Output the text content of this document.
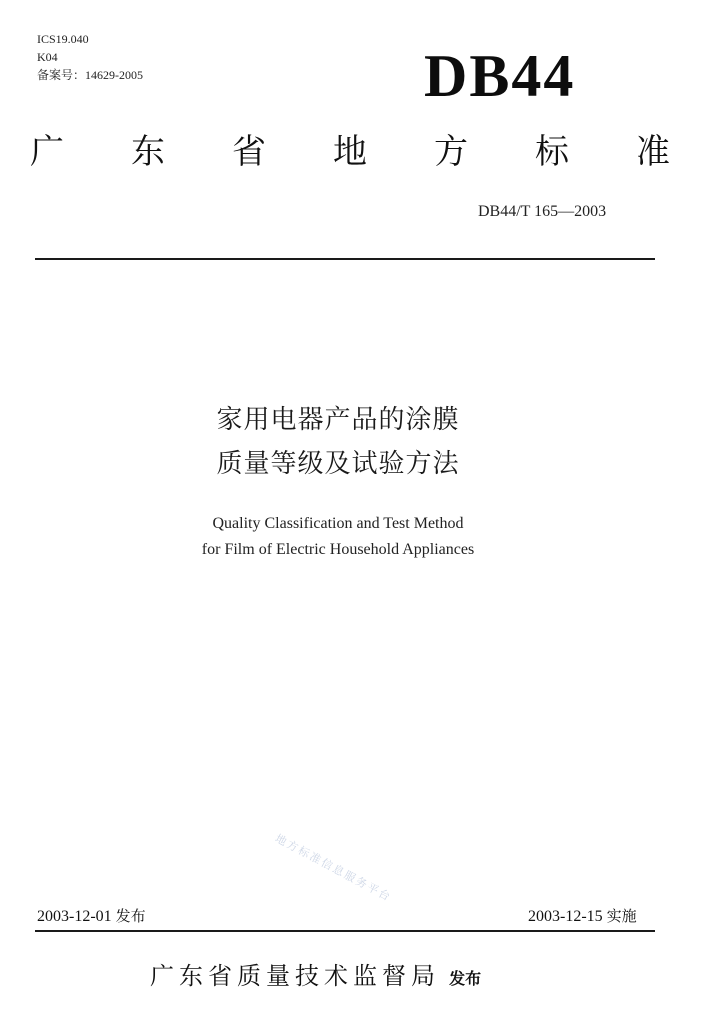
ICS19.040
K04
备案号：14629-2005	DB44
广 东 省 地 方 标 准
DB44/T 165—2003
家用电器产品的涂膜
质量等级及试验方法
Quality Classification and Test Method
for Film of Electric Household Appliances
地方标准信息服务平台
2003-12-01 发布	2003-12-15 实施
广东省质量技术监督局 发布
